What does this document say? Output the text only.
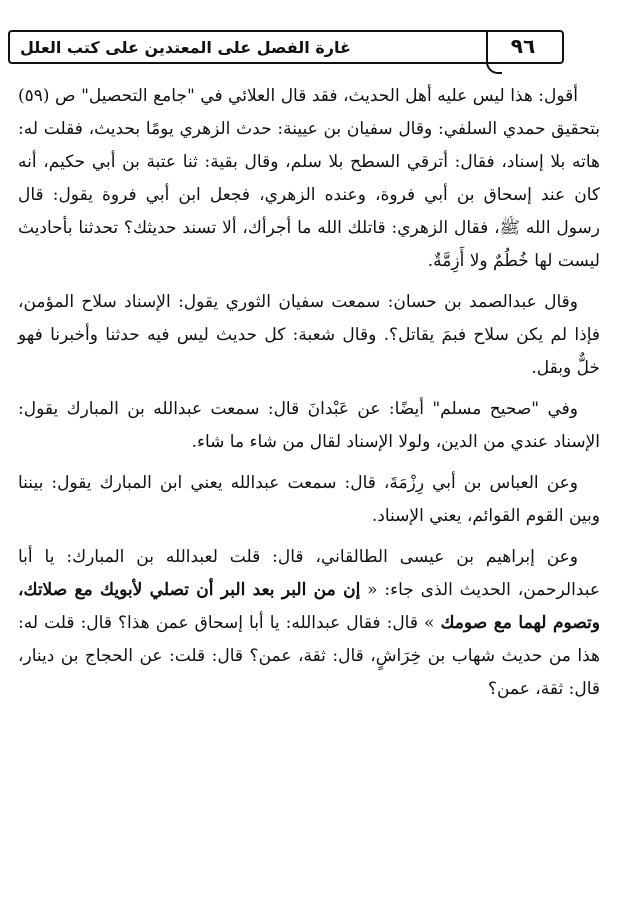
غارة الفصل على المعتدين على كتب العلل	٩٦

أقول: هذا ليس عليه أهل الحديث، فقد قال العلائي في "جامع التحصيل" ص (٥٩) بتحقيق حمدي السلفي: وقال سفيان بن عيينة: حدث الزهري يومًا بحديث، فقلت له: هاته بلا إسناد، فقال: أترقي السطح بلا سلم، وقال بقية: ثنا عتبة بن أبي حكيم، أنه كان عند إسحاق بن أبي فروة، وعنده الزهري، فجعل ابن أبي فروة يقول: قال رسول الله ﷺ، فقال الزهري: قاتلك الله ما أجرأك، ألا تسند حديثك؟ تحدثنا بأحاديث ليست لها خُطُمٌ ولا أَزِمَّةٌ.

وقال عبدالصمد بن حسان: سمعت سفيان الثوري يقول: الإسناد سلاح المؤمن، فإذا لم يكن سلاح فبمَ يقاتل؟. وقال شعبة: كل حديث ليس فيه حدثنا وأخبرنا فهو خلٌّ وبقل.

وفي "صحيح مسلم" أيضًا: عن عَبْدانَ قال: سمعت عبدالله بن المبارك يقول: الإسناد عندي من الدين، ولولا الإسناد لقال من شاء ما شاء.

وعن العباس بن أبي رِزْمَةَ، قال: سمعت عبدالله يعني ابن المبارك يقول: بيننا وبين القوم القوائم، يعني الإسناد.

وعن إبراهيم بن عيسى الطالقاني، قال: قلت لعبدالله بن المبارك: يا أبا عبدالرحمن، الحديث الذى جاء: « إن من البر بعد البر أن تصلي لأبويك مع صلاتك، وتصوم لهما مع صومك » قال: فقال عبدالله: يا أبا إسحاق عمن هذا؟ قال: قلت له: هذا من حديث شهاب بن خِرَاشٍ، قال: ثقة، عمن؟ قال: قلت: عن الحجاج بن دينار، قال: ثقة، عمن؟
